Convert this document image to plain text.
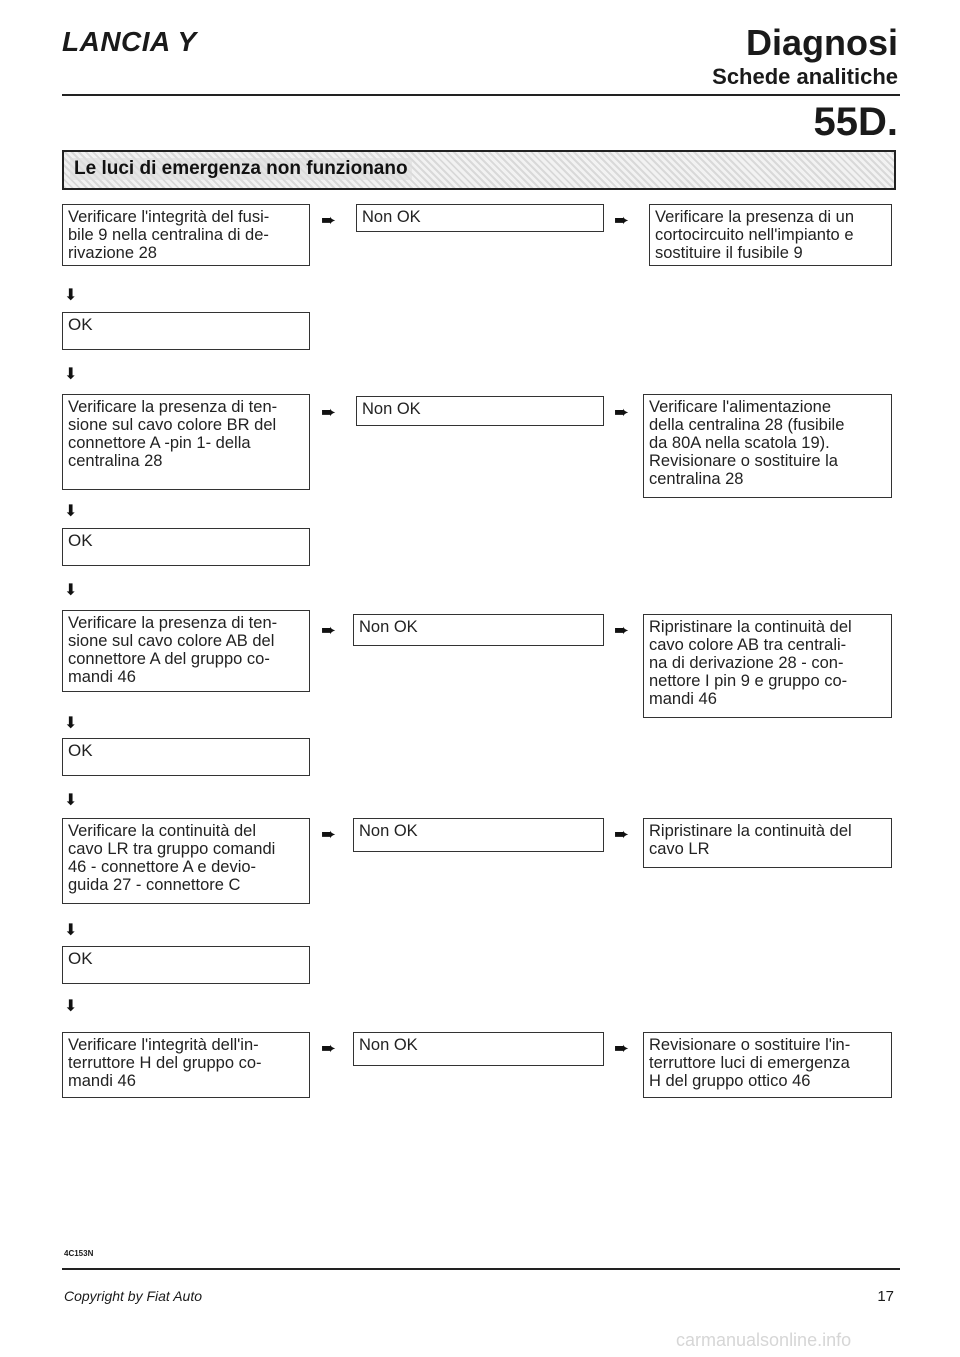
LANCIA Y	Diagnosi
Schede analitiche
55D.
Le luci di emergenza non funzionano
Verificare l'integrità del fusi-
bile 9 nella centralina di de-
rivazione 28
➨	Non OK	➨	Verificare la presenza di un
cortocircuito nell'impianto e
sostituire il fusibile 9
⬇
OK
⬇
Verificare la presenza di ten-
sione sul cavo colore BR del
connettore A -pin 1- della
centralina 28
➨	Non OK	➨	Verificare l'alimentazione
della centralina 28 (fusibile
da 80A nella scatola 19).
Revisionare o sostituire la
centralina 28
⬇
OK
⬇
Verificare la presenza di ten-
sione sul cavo colore AB del
connettore A del gruppo co-
mandi 46
➨	Non OK	➨	Ripristinare la continuità del
cavo colore AB tra centrali-
na di derivazione 28 - con-
nettore I pin 9 e gruppo co-
mandi 46
⬇
OK
⬇
Verificare la continuità del
cavo LR tra gruppo comandi
46 - connettore A e devio-
guida 27 - connettore C
➨	Non OK	➨	Ripristinare la continuità del
cavo LR
⬇
OK
⬇
Verificare l'integrità dell'in-
terruttore H del gruppo co-
mandi 46
➨	Non OK	➨	Revisionare o sostituire l'in-
terruttore luci di emergenza
H del gruppo ottico 46
4C153N
Copyright by Fiat Auto	17
carmanualsonline.info
